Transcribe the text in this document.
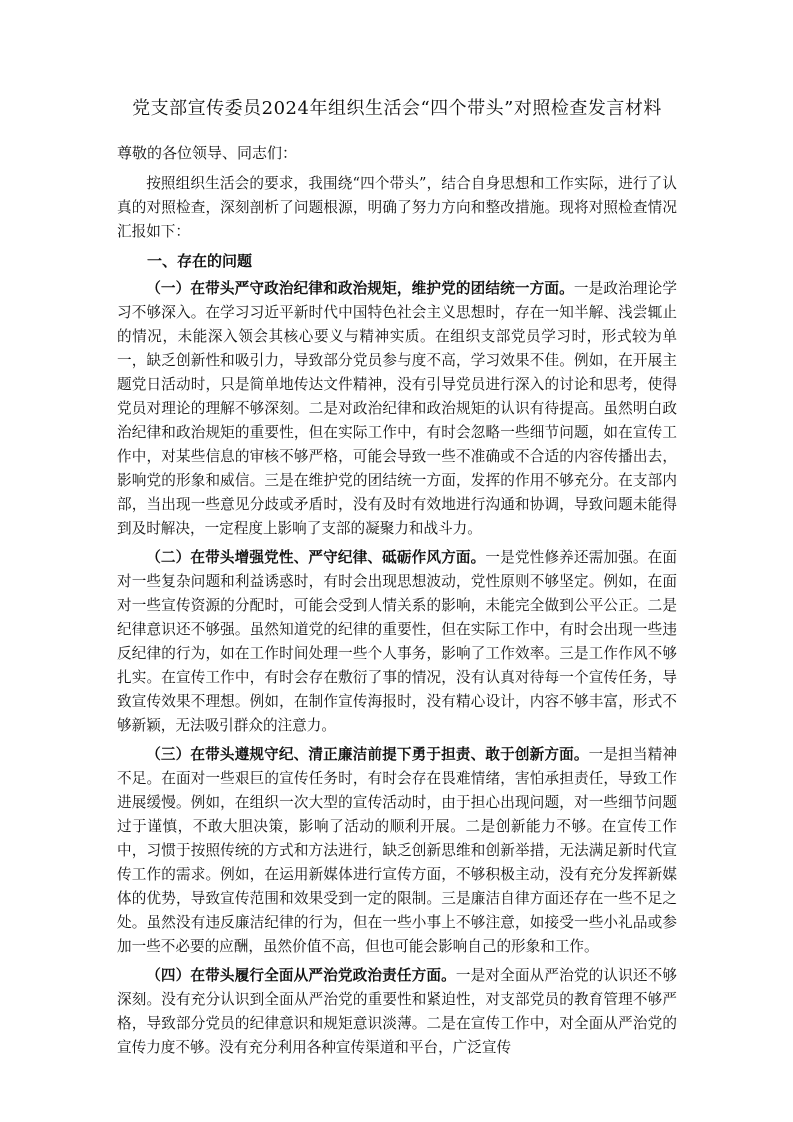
党支部宣传委员2024年组织生活会“四个带头”对照检查发言材料
尊敬的各位领导、同志们：

按照组织生活会的要求，我围绕“四个带头”，结合自身思想和工作实际，进行了认真的对照检查，深刻剖析了问题根源，明确了努力方向和整改措施。现将对照检查情况汇报如下：

一、存在的问题

（一）在带头严守政治纪律和政治规矩，维护党的团结统一方面。一是政治理论学习不够深入。在学习习近平新时代中国特色社会主义思想时，存在一知半解、浅尝辄止的情况，未能深入领会其核心要义与精神实质。在组织支部党员学习时，形式较为单一，缺乏创新性和吸引力，导致部分党员参与度不高，学习效果不佳。例如，在开展主题党日活动时，只是简单地传达文件精神，没有引导党员进行深入的讨论和思考，使得党员对理论的理解不够深刻。二是对政治纪律和政治规矩的认识有待提高。虽然明白政治纪律和政治规矩的重要性，但在实际工作中，有时会忽略一些细节问题，如在宣传工作中，对某些信息的审核不够严格，可能会导致一些不准确或不合适的内容传播出去，影响党的形象和威信。三是在维护党的团结统一方面，发挥的作用不够充分。在支部内部，当出现一些意见分歧或矛盾时，没有及时有效地进行沟通和协调，导致问题未能得到及时解决，一定程度上影响了支部的凝聚力和战斗力。

（二）在带头增强党性、严守纪律、砥砺作风方面。一是党性修养还需加强。在面对一些复杂问题和利益诱惑时，有时会出现思想波动，党性原则不够坚定。例如，在面对一些宣传资源的分配时，可能会受到人情关系的影响，未能完全做到公平公正。二是纪律意识还不够强。虽然知道党的纪律的重要性，但在实际工作中，有时会出现一些违反纪律的行为，如在工作时间处理一些个人事务，影响了工作效率。三是工作作风不够扎实。在宣传工作中，有时会存在敷衍了事的情况，没有认真对待每一个宣传任务，导致宣传效果不理想。例如，在制作宣传海报时，没有精心设计，内容不够丰富，形式不够新颖，无法吸引群众的注意力。

（三）在带头遵规守纪、清正廉洁前提下勇于担责、敢于创新方面。一是担当精神不足。在面对一些艰巨的宣传任务时，有时会存在畏难情绪，害怕承担责任，导致工作进展缓慢。例如，在组织一次大型的宣传活动时，由于担心出现问题，对一些细节问题过于谨慎，不敢大胆决策，影响了活动的顺利开展。二是创新能力不够。在宣传工作中，习惯于按照传统的方式和方法进行，缺乏创新思维和创新举措，无法满足新时代宣传工作的需求。例如，在运用新媒体进行宣传方面，不够积极主动，没有充分发挥新媒体的优势，导致宣传范围和效果受到一定的限制。三是廉洁自律方面还存在一些不足之处。虽然没有违反廉洁纪律的行为，但在一些小事上不够注意，如接受一些小礼品或参加一些不必要的应酬，虽然价值不高，但也可能会影响自己的形象和工作。

（四）在带头履行全面从严治党政治责任方面。一是对全面从严治党的认识还不够深刻。没有充分认识到全面从严治党的重要性和紧迫性，对支部党员的教育管理不够严格，导致部分党员的纪律意识和规矩意识淡薄。二是在宣传工作中，对全面从严治党的宣传力度不够。没有充分利用各种宣传渠道和平台，广泛宣传
